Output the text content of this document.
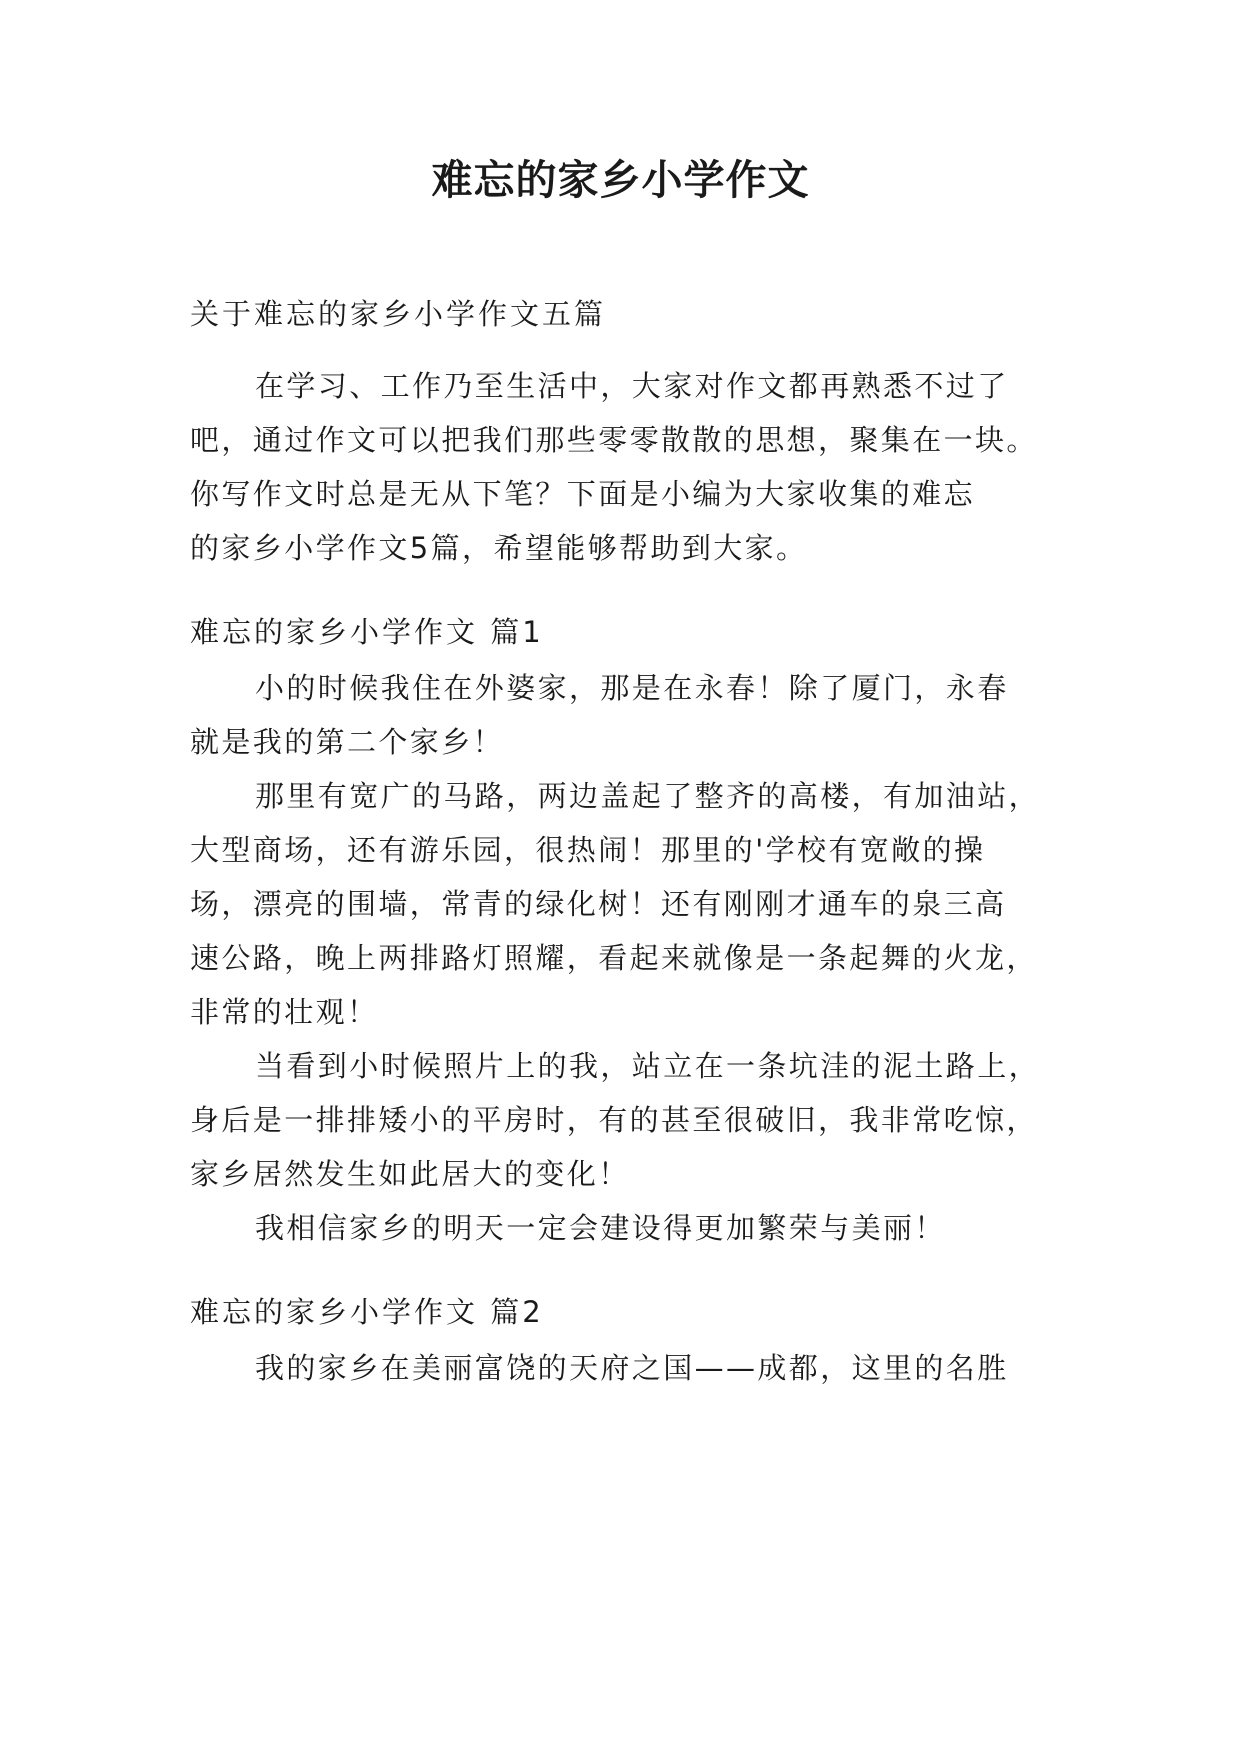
难忘的家乡小学作文
关于难忘的家乡小学作文五篇
在学习、工作乃至生活中，大家对作文都再熟悉不过了
吧，通过作文可以把我们那些零零散散的思想，聚集在一块。
你写作文时总是无从下笔？下面是小编为大家收集的难忘
的家乡小学作文5篇，希望能够帮助到大家。
难忘的家乡小学作文 篇1
小的时候我住在外婆家，那是在永春！除了厦门，永春
就是我的第二个家乡！
那里有宽广的马路，两边盖起了整齐的高楼，有加油站，
大型商场，还有游乐园，很热闹！那里的'学校有宽敞的操
场，漂亮的围墙，常青的绿化树！还有刚刚才通车的泉三高
速公路，晚上两排路灯照耀，看起来就像是一条起舞的火龙，
非常的壮观！
当看到小时候照片上的我，站立在一条坑洼的泥土路上，
身后是一排排矮小的平房时，有的甚至很破旧，我非常吃惊，
家乡居然发生如此居大的变化！
我相信家乡的明天一定会建设得更加繁荣与美丽！
难忘的家乡小学作文 篇2
我的家乡在美丽富饶的天府之国——成都，这里的名胜
